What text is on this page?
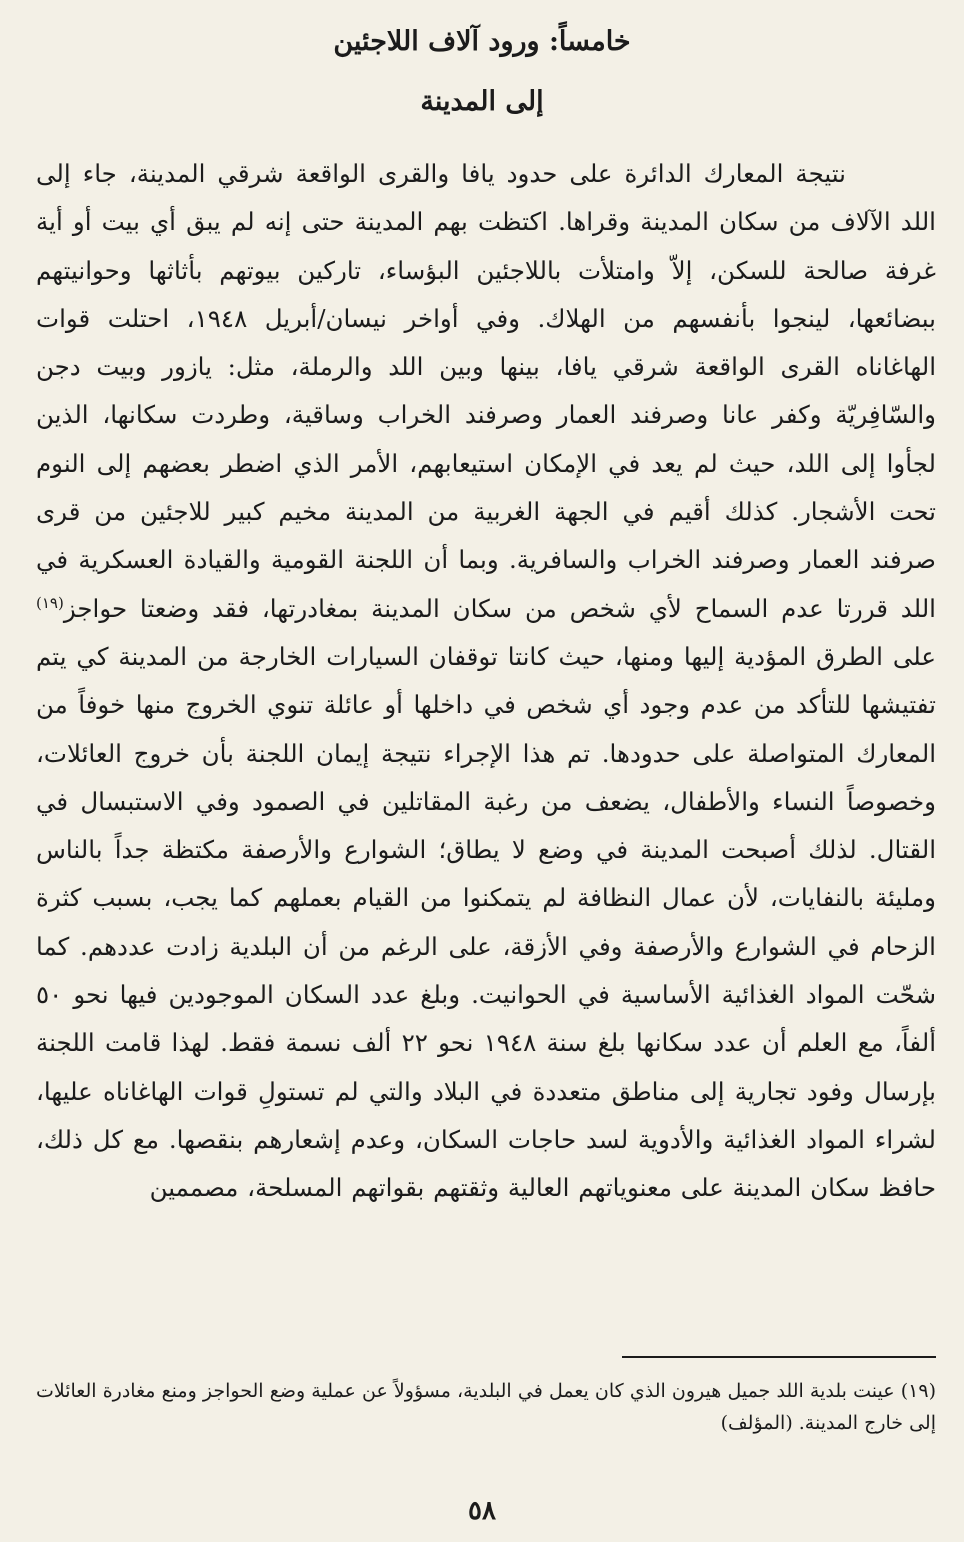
خامساً: ورود آلاف اللاجئين
إلى المدينة

نتيجة المعارك الدائرة على حدود يافا والقرى الواقعة شرقي المدينة، جاء إلى اللد الآلاف من سكان المدينة وقراها. اكتظت بهم المدينة حتى إنه لم يبق أي بيت أو أية غرفة صالحة للسكن، إلاّ وامتلأت باللاجئين البؤساء، تاركين بيوتهم بأثاثها وحوانيتهم ببضائعها، لينجوا بأنفسهم من الهلاك. وفي أواخر نيسان/أبريل ١٩٤٨، احتلت قوات الهاغاناه القرى الواقعة شرقي يافا، بينها وبين اللد والرملة، مثل: يازور وبيت دجن والسّافِريّة وكفر عانا وصرفند العمار وصرفند الخراب وساقية، وطردت سكانها، الذين لجأوا إلى اللد، حيث لم يعد في الإمكان استيعابهم، الأمر الذي اضطر بعضهم إلى النوم تحت الأشجار. كذلك أقيم في الجهة الغربية من المدينة مخيم كبير للاجئين من قرى صرفند العمار وصرفند الخراب والسافرية. وبما أن اللجنة القومية والقيادة العسكرية في اللد قررتا عدم السماح لأي شخص من سكان المدينة بمغادرتها، فقد وضعتا حواجز$^{(١٩)}$ على الطرق المؤدية إليها ومنها، حيث كانتا توقفان السيارات الخارجة من المدينة كي يتم تفتيشها للتأكد من عدم وجود أي شخص في داخلها أو عائلة تنوي الخروج منها خوفاً من المعارك المتواصلة على حدودها. تم هذا الإجراء نتيجة إيمان اللجنة بأن خروج العائلات، وخصوصاً النساء والأطفال، يضعف من رغبة المقاتلين في الصمود وفي الاستبسال في القتال. لذلك أصبحت المدينة في وضع لا يطاق؛ الشوارع والأرصفة مكتظة جداً بالناس ومليئة بالنفايات، لأن عمال النظافة لم يتمكنوا من القيام بعملهم كما يجب، بسبب كثرة الزحام في الشوارع والأرصفة وفي الأزقة، على الرغم من أن البلدية زادت عددهم. كما شحّت المواد الغذائية الأساسية في الحوانيت. وبلغ عدد السكان الموجودين فيها نحو ٥٠ ألفاً، مع العلم أن عدد سكانها بلغ سنة ١٩٤٨ نحو ٢٢ ألف نسمة فقط. لهذا قامت اللجنة بإرسال وفود تجارية إلى مناطق متعددة في البلاد والتي لم تستولِ قوات الهاغاناه عليها، لشراء المواد الغذائية والأدوية لسد حاجات السكان، وعدم إشعارهم بنقصها. مع كل ذلك، حافظ سكان المدينة على معنوياتهم العالية وثقتهم بقواتهم المسلحة، مصممين

(١٩) عينت بلدية اللد جميل هيرون الذي كان يعمل في البلدية، مسؤولاً عن عملية وضع الحواجز ومنع مغادرة العائلات إلى خارج المدينة. (المؤلف)
٥٨
